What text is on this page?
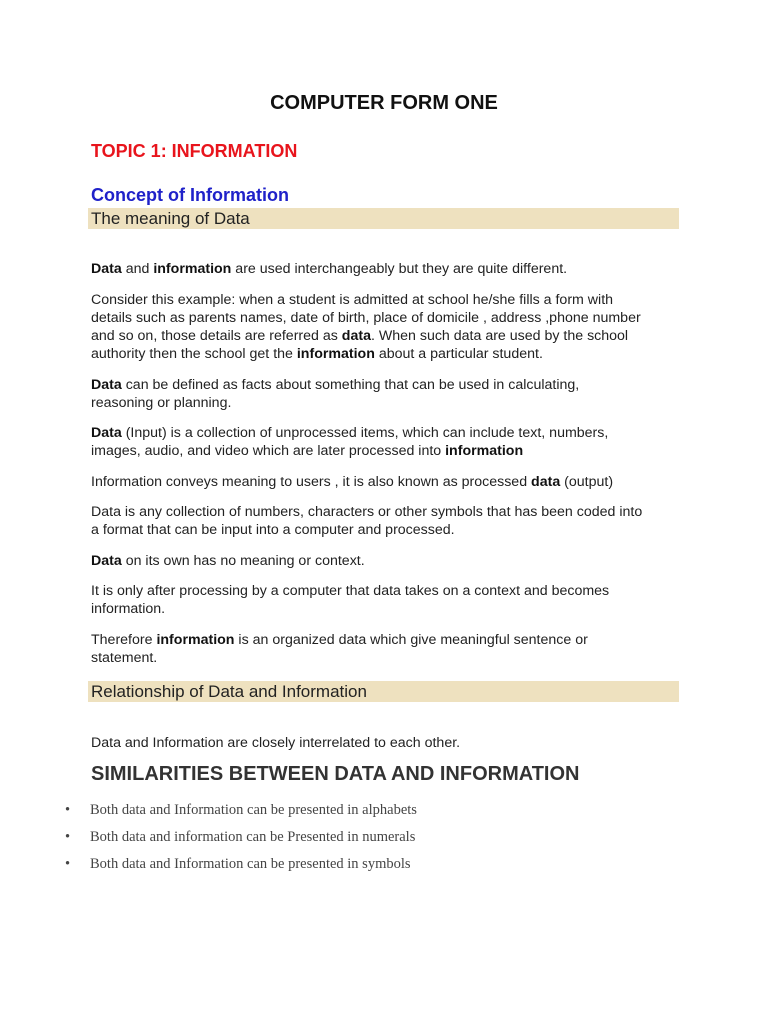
COMPUTER FORM ONE
TOPIC 1: INFORMATION
Concept of Information
The meaning of Data
Data and information are used interchangeably but they are quite different.
Consider this example: when a student is admitted at school he/she fills a form with
details such as parents names, date of birth, place of domicile , address ,phone number
and so on, those details are referred as data. When such data are used by the school
authority then the school get the information about a particular student.
Data can be defined as facts about something that can be used in calculating,
reasoning or planning.
Data (Input) is a collection of unprocessed items, which can include text, numbers,
images, audio, and video which are later processed into information
Information conveys meaning to users , it is also known as processed data (output)
Data is any collection of numbers, characters or other symbols that has been coded into
a format that can be input into a computer and processed.
Data on its own has no meaning or context.
It is only after processing by a computer that data takes on a context and becomes
information.
Therefore information is an organized data which give meaningful sentence or
statement.
Relationship of Data and Information
Data and Information are closely interrelated to each other.
SIMILARITIES BETWEEN DATA AND INFORMATION
• Both data and Information can be presented in alphabets
• Both data and information can be Presented in numerals
• Both data and Information can be presented in symbols
